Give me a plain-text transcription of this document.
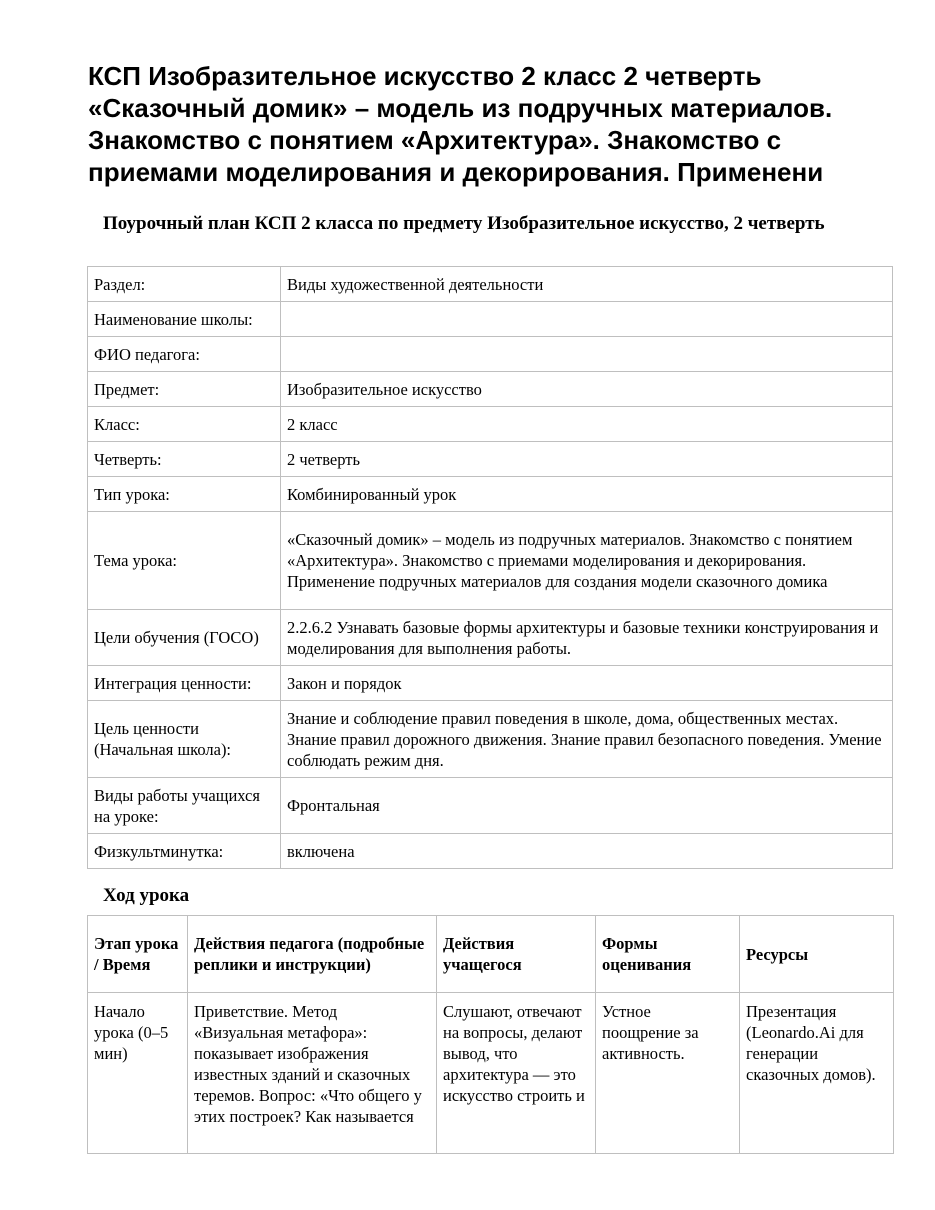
КСП Изобразительное искусство 2 класс 2 четверть «Сказочный домик» – модель из подручных материалов. Знакомство с понятием «Архитектура». Знакомство с приемами моделирования и декорирования. Применени
Поурочный план КСП 2 класса по предмету Изобразительное искусство, 2 четверть
Раздел:	Виды художественной деятельности
Наименование школы:	
ФИО педагога:	
Предмет:	Изобразительное искусство
Класс:	2 класс
Четверть:	2 четверть
Тип урока:	Комбинированный урок
Тема урока:	«Сказочный домик» – модель из подручных материалов. Знакомство с понятием «Архитектура». Знакомство с приемами моделирования и декорирования. Применение подручных материалов для создания модели сказочного домика
Цели обучения (ГОСО)	2.2.6.2 Узнавать базовые формы архитектуры и базовые техники конструирования и моделирования для выполнения работы.
Интеграция ценности:	Закон и порядок
Цель ценности (Начальная школа):	Знание и соблюдение правил поведения в школе, дома, общественных местах. Знание правил дорожного движения. Знание правил безопасного поведения. Умение соблюдать режим дня.
Виды работы учащихся на уроке:	Фронтальная
Физкультминутка:	включена
Ход урока
Этап урока / Время	Действия педагога (подробные реплики и инструкции)	Действия учащегося	Формы оценивания	Ресурсы

Начало урока (0–5 мин)	Приветствие. Метод «Визуальная метафора»: показывает изображения известных зданий и сказочных теремов. Вопрос: «Что общего у этих построек? Как называется	Слушают, отвечают на вопросы, делают вывод, что архитектура — это искусство строить и	Устное поощрение за активность.	Презентация (Leonardo.Ai для генерации сказочных домов).
